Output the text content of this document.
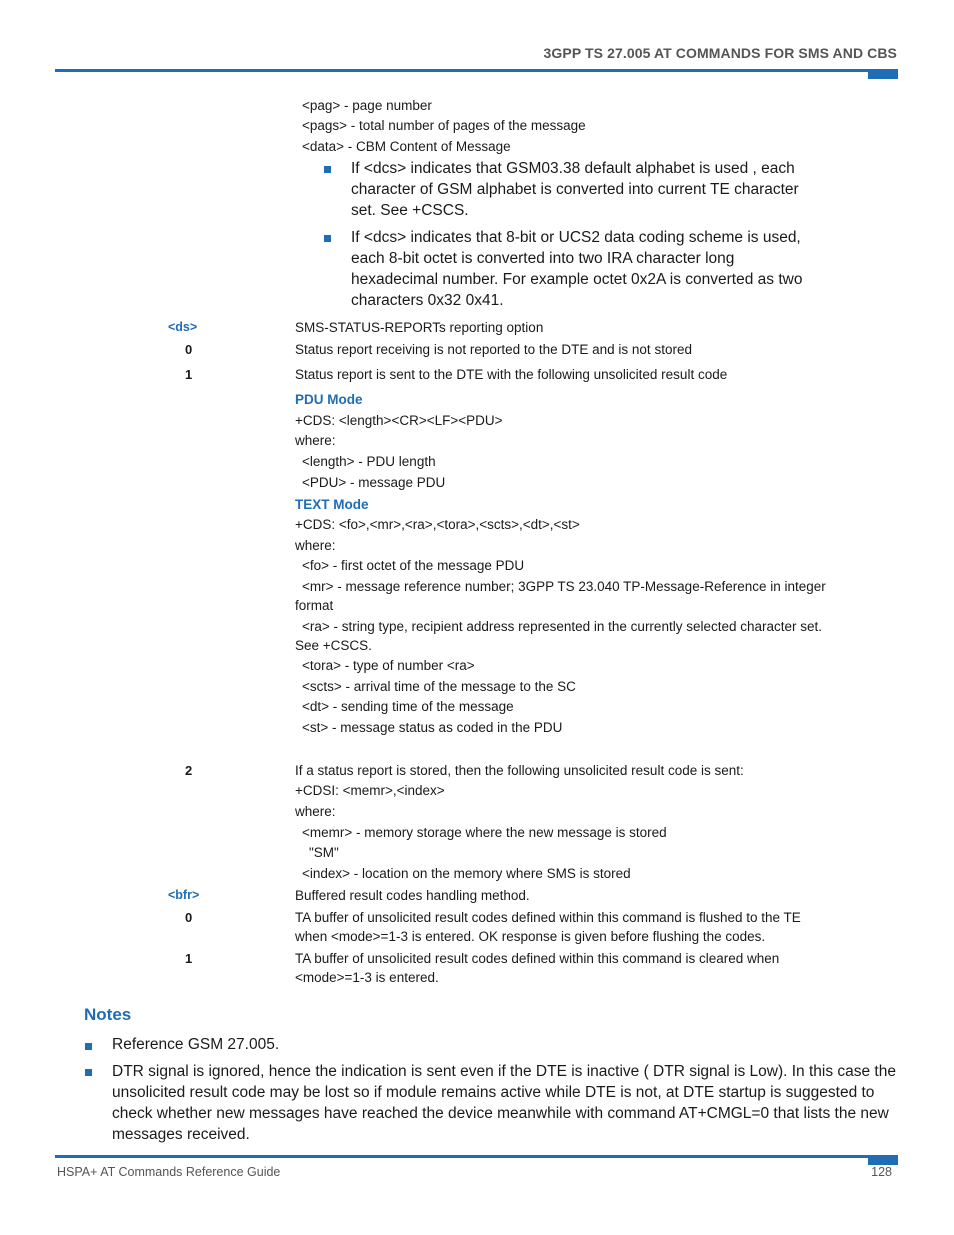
3GPP TS 27.005 AT COMMANDS FOR SMS AND CBS
<pag> - page number
<pags> - total number of pages of the message
<data> - CBM Content of Message
If <dcs> indicates that GSM03.38 default alphabet is used , each character of GSM alphabet is converted into current TE character set. See +CSCS.
If <dcs> indicates that 8-bit or UCS2 data coding scheme is used, each 8-bit octet is converted into two IRA character long hexadecimal number. For example octet 0x2A is converted as two characters 0x32 0x41.
<ds>	SMS-STATUS-REPORTs reporting option
0	Status report receiving is not reported to the DTE and is not stored
1	Status report is sent to the DTE with the following unsolicited result code
PDU Mode
+CDS: <length><CR><LF><PDU>
where:
<length> - PDU length
<PDU> - message PDU
TEXT Mode
+CDS: <fo>,<mr>,<ra>,<tora>,<scts>,<dt>,<st>
where:
<fo> - first octet of the message PDU
<mr> - message reference number; 3GPP TS 23.040 TP-Message-Reference in integer format
<ra> - string type, recipient address represented in the currently selected character set. See +CSCS.
<tora> - type of number <ra>
<scts> - arrival time of the message to the SC
<dt> - sending time of the message
<st> - message status as coded in the PDU
2	If a status report is stored, then the following unsolicited result code is sent:
+CDSI: <memr>,<index>
where:
<memr> - memory storage where the new message is stored
"SM"
<index> - location on the memory where SMS is stored
<bfr>	Buffered result codes handling method.
0	TA buffer of unsolicited result codes defined within this command is flushed to the TE when <mode>=1-3 is entered. OK response is given before flushing the codes.
1	TA buffer of unsolicited result codes defined within this command is cleared when <mode>=1-3 is entered.
Notes
Reference GSM 27.005.
DTR signal is ignored, hence the indication is sent even if the DTE is inactive ( DTR signal is Low). In this case the unsolicited result code may be lost so if module remains active while DTE is not, at DTE startup is suggested to check whether new messages have reached the device meanwhile with command AT+CMGL=0 that lists the new messages received.
HSPA+ AT Commands Reference Guide	128
